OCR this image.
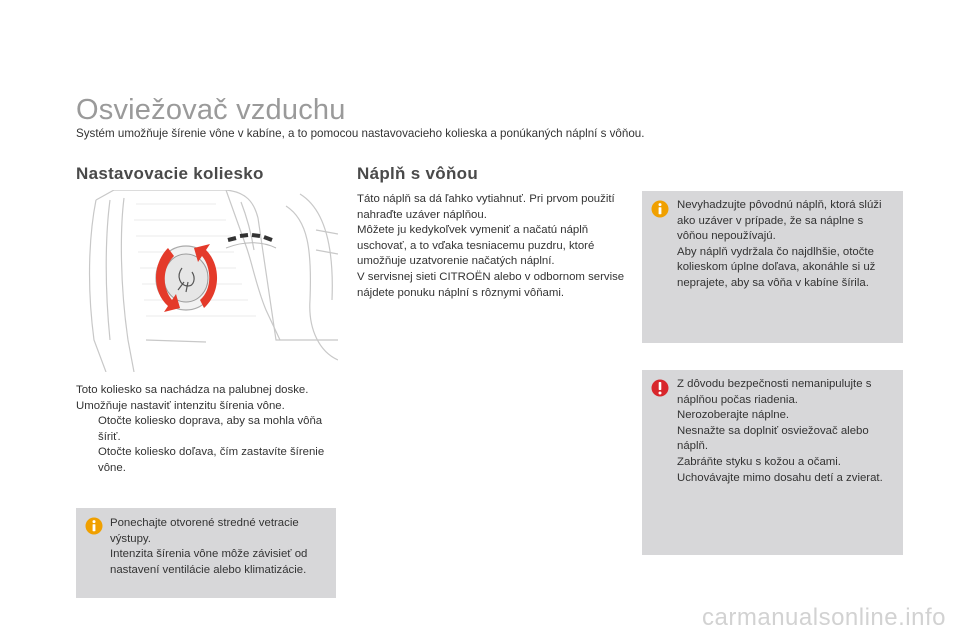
Osviežovač vzduchu

Systém umožňuje šírenie vône v kabíne, a to pomocou nastavovacieho kolieska a ponúkaných náplní s vôňou.

Nastavovacie koliesko	Náplň s vôňou

Toto koliesko sa nachádza na palubnej doske.

Umožňuje nastaviť intenzitu šírenia vône.

Otočte koliesko doprava, aby sa mohla vôňa šíriť.
Otočte koliesko doľava, čím zastavíte šírenie vône.

Ponechajte otvorené stredné vetracie výstupy.

Intenzita šírenia vône môže závisieť od nastavení ventilácie alebo klimatizácie.

Táto náplň sa dá ľahko vytiahnuť. Pri prvom použití nahraďte uzáver náplňou.

Môžete ju kedykoľvek vymeniť a načatú náplň uschovať, a to vďaka tesniacemu puzdru, ktoré umožňuje uzatvorenie načatých náplní.

V servisnej sieti CITROËN alebo v odbornom servise nájdete ponuku náplní s rôznymi vôňami.

Nevyhadzujte pôvodnú náplň, ktorá slúži ako uzáver v prípade, že sa náplne s vôňou nepoužívajú.

Aby náplň vydržala čo najdlhšie, otočte kolieskom úplne doľava, akonáhle si už neprajete, aby sa vôňa v kabíne šírila.

Z dôvodu bezpečnosti nemanipulujte s náplňou počas riadenia.

Nerozoberajte náplne.

Nesnažte sa doplniť osviežovač alebo náplň.

Zabráňte styku s kožou a očami.

Uchovávajte mimo dosahu detí a zvierat.

carmanualsonline.info
